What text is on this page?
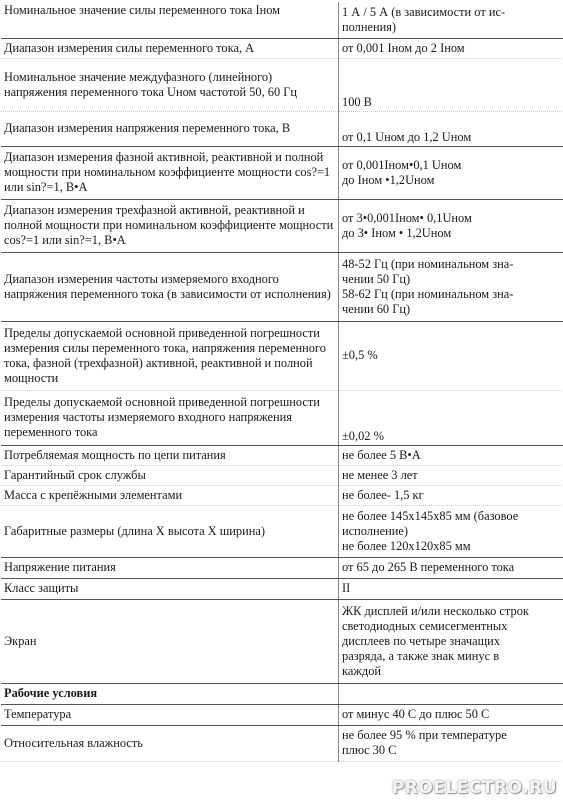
Номинальное значение силы переменного тока Iном	1 А / 5 А (в зависимости от ис-
полнения)

Диапазон измерения силы переменного тока, А	от 0,001 Iном до 2 Iном

Номинальное значение междуфазного (линейного) напряжения переменного тока Uном частотой 50, 60 Гц	100 В

Диапазон измерения напряжения переменного тока, В	от 0,1 Uном до 1,2 Uном

Диапазон измерения фазной активной, реактивной и полной мощности при номинальном коэффициенте мощности cos?=1 или sin?=1, В•А	от 0,001Iном•0,1 Uном
до Iном •1,2Uном

Диапазон измерения трехфазной активной, реактивной и полной мощности при номинальном коэффициенте мощности cos?=1 или sin?=1, В•А	от 3•0,001Iном• 0,1Uном
до 3• Iном • 1,2Uном

Диапазон измерения частоты измеряемого входного напряжения переменного тока (в зависимости от исполнения)	48-52 Гц (при номинальном зна-
чении 50 Гц)
58-62 Гц (при номинальном зна-
чении 60 Гц)

Пределы допускаемой основной приведенной погрешности измерения силы переменного тока, напряжения переменного тока, фазной (трехфазной) активной, реактивной и полной мощности	±0,5 %

Пределы допускаемой основной приведенной погрешности измерения частоты измеряемого входного напряжения переменного тока	±0,02 %

Потребляемая мощность по цепи питания	не более 5 В•А

Гарантийный срок службы	не менее 3 лет

Масса с крепёжными элементами	не более- 1,5 кг

Габаритные размеры (длина X высота X ширина)	не более 145x145x85 мм (базовое
исполнение)
не более 120x120x85 мм

Напряжение питания	от 65 до 265 В переменного тока

Класс защиты	II

Экран	ЖК дисплей и/или несколько строк
светодиодных семисегментных
дисплеев по четыре значащих
разряда, а также знак минус в
каждой

Рабочие условия	
Температура	от минус 40 С до плюс 50 С

Относительная влажность	не более 95 % при температуре
плюс 30 С
PROELECTRO.RU
